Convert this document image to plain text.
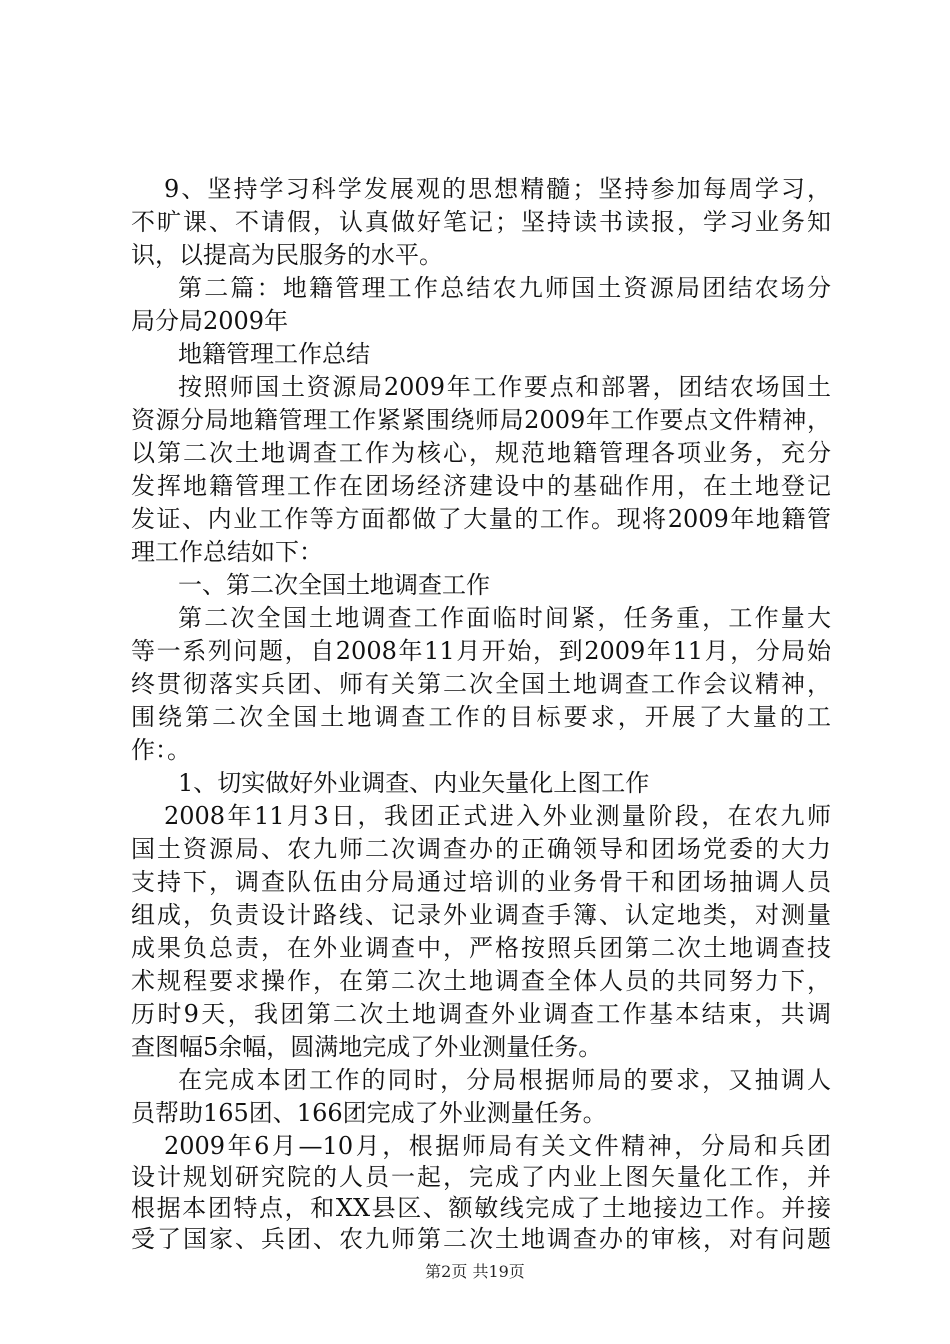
9、坚持学习科学发展观的思想精髓；坚持参加每周学习，
不旷课、不请假，认真做好笔记；坚持读书读报，学习业务知
识，以提高为民服务的水平。
第二篇：地籍管理工作总结农九师国土资源局团结农场分
局分局2009年
地籍管理工作总结
按照师国土资源局2009年工作要点和部署，团结农场国土
资源分局地籍管理工作紧紧围绕师局2009年工作要点文件精神，
以第二次土地调查工作为核心，规范地籍管理各项业务，充分
发挥地籍管理工作在团场经济建设中的基础作用，在土地登记
发证、内业工作等方面都做了大量的工作。现将2009年地籍管
理工作总结如下：
一、第二次全国土地调查工作
第二次全国土地调查工作面临时间紧，任务重，工作量大
等一系列问题，自2008年11月开始，到2009年11月，分局始
终贯彻落实兵团、师有关第二次全国土地调查工作会议精神，
围绕第二次全国土地调查工作的目标要求，开展了大量的工
作：。
1、切实做好外业调查、内业矢量化上图工作
2008年11月3日，我团正式进入外业测量阶段，在农九师
国土资源局、农九师二次调查办的正确领导和团场党委的大力
支持下，调查队伍由分局通过培训的业务骨干和团场抽调人员
组成，负责设计路线、记录外业调查手簿、认定地类，对测量
成果负总责，在外业调查中，严格按照兵团第二次土地调查技
术规程要求操作，在第二次土地调查全体人员的共同努力下，
历时9天，我团第二次土地调查外业调查工作基本结束，共调
查图幅5余幅，圆满地完成了外业测量任务。
在完成本团工作的同时，分局根据师局的要求，又抽调人
员帮助165团、166团完成了外业测量任务。
2009年6月—10月，根据师局有关文件精神，分局和兵团
设计规划研究院的人员一起，完成了内业上图矢量化工作，并
根据本团特点，和XX县区、额敏线完成了土地接边工作。并接
第2页 共19页
受了国家、兵团、农九师第二次土地调查办的审核，对有问题
